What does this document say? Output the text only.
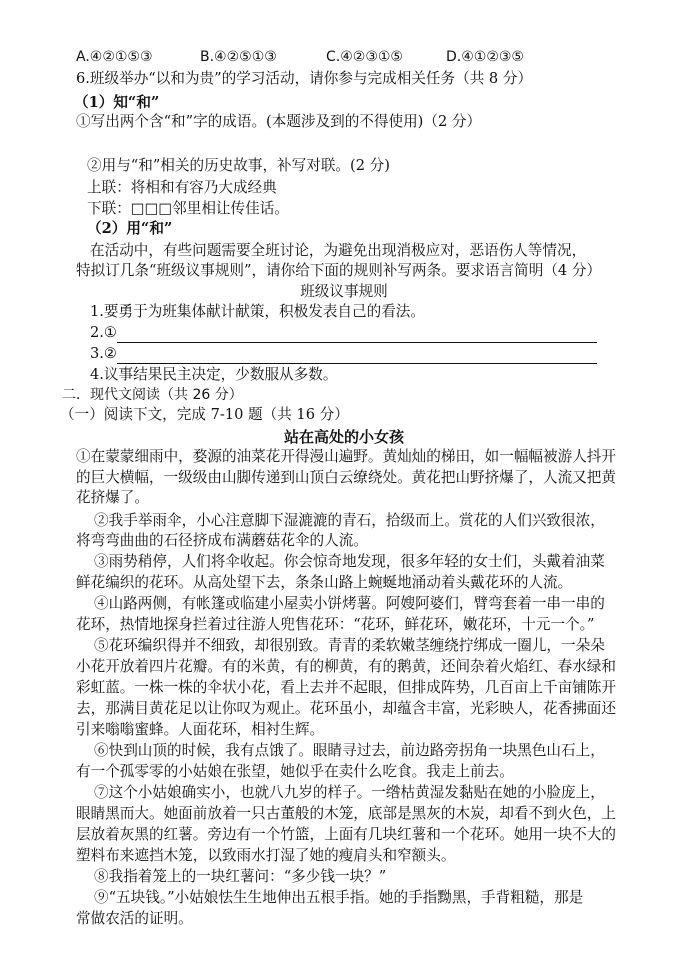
A.④②①⑤③	B.④②⑤①③	C.④②③①⑤	D.④①②③⑤
6.班级举办“以和为贵”的学习活动，请你参与完成相关任务（共 8 分）
（1）知“和”
①写出两个含“和”字的成语。(本题涉及到的不得使用)（2 分）
②用与“和”相关的历史故事，补写对联。(2 分)
上联：将相和有容乃大成经典
下联：□□□邻里相让传佳话。
（2）用“和”
在活动中，有些问题需要全班讨论，为避免出现消极应对，恶语伤人等情况，
特拟订几条“班级议事规则”，请你给下面的规则补写两条。要求语言简明（4 分）
班级议事规则
1.要勇于为班集体献计献策，积极发表自己的看法。
2.①
3.②
4.议事结果民主决定，少数服从多数。
二．现代文阅读（共 26 分）
（一）阅读下文，完成 7-10 题（共 16 分）
站在高处的小女孩
①在蒙蒙细雨中，婺源的油菜花开得漫山遍野。黄灿灿的梯田，如一幅幅被游人抖开
的巨大横幅，一级级由山脚传递到山顶白云缭绕处。黄花把山野挤爆了，人流又把黄
花挤爆了。
②我手举雨伞，小心注意脚下湿漉漉的青石，拾级而上。赏花的人们兴致很浓，
将弯弯曲曲的石径挤成布满蘑菇花伞的人流。
③雨势稍停，人们将伞收起。你会惊奇地发现，很多年轻的女士们，头戴着油菜
鲜花编织的花环。从高处望下去，条条山路上蜿蜒地涌动着头戴花环的人流。
④山路两侧，有帐篷或临建小屋卖小饼烤薯。阿嫂阿婆们，臂弯套着一串一串的
花环，热情地探身拦着过往游人兜售花环：“花环，鲜花环，嫩花环，十元一个。”
⑤花环编织得并不细致，却很别致。青青的柔软嫩茎缠绕拧绑成一圈儿，一朵朵
小花开放着四片花瓣。有的米黄，有的柳黄，有的鹅黄，还间杂着火焰红、春水绿和
彩虹蓝。一株一株的伞状小花，看上去并不起眼，但排成阵势，几百亩上千亩铺陈开
去，那满目黄花足以让你叹为观止。花环虽小，却蕴含丰富，光彩映人，花香拂面还
引来嗡嗡蜜蜂。人面花环，相衬生辉。
⑥快到山顶的时候，我有点饿了。眼睛寻过去，前边路旁拐角一块黑色山石上，
有一个孤零零的小姑娘在张望，她似乎在卖什么吃食。我走上前去。
⑦这个小姑娘确实小，也就八九岁的样子。一绺枯黄湿发黏贴在她的小脸庞上，
眼睛黑而大。她面前放着一只古董般的木笼，底部是黑灰的木炭，却看不到火色，上
层放着灰黑的红薯。旁边有一个竹篮，上面有几块红薯和一个花环。她用一块不大的
塑料布来遮挡木笼，以致雨水打湿了她的瘦肩头和窄额头。
⑧我指着笼上的一块红薯问：“多少钱一块？”
⑨“五块钱。”小姑娘怯生生地伸出五根手指。她的手指黝黑，手背粗糙，那是
常做农活的证明。
